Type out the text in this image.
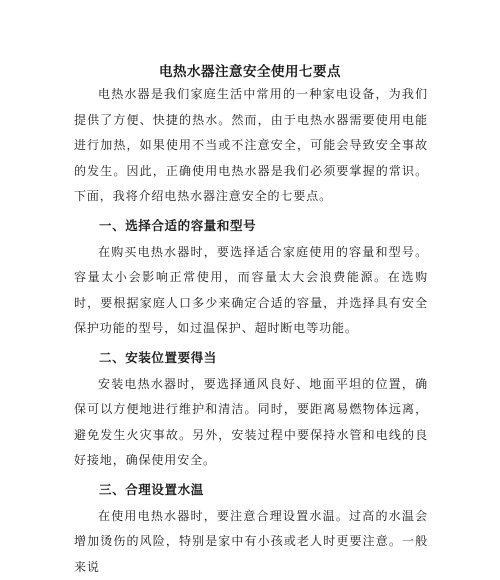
电热水器注意安全使用七要点

电热水器是我们家庭生活中常用的一种家电设备，为我们提供了方便、快捷的热水。然而，由于电热水器需要使用电能进行加热，如果使用不当或不注意安全，可能会导致安全事故的发生。因此，正确使用电热水器是我们必须要掌握的常识。下面，我将介绍电热水器注意安全的七要点。

一、选择合适的容量和型号

在购买电热水器时，要选择适合家庭使用的容量和型号。容量太小会影响正常使用，而容量太大会浪费能源。在选购时，要根据家庭人口多少来确定合适的容量，并选择具有安全保护功能的型号，如过温保护、超时断电等功能。

二、安装位置要得当

安装电热水器时，要选择通风良好、地面平坦的位置，确保可以方便地进行维护和清洁。同时，要距离易燃物体远离，避免发生火灾事故。另外，安装过程中要保持水管和电线的良好接地，确保使用安全。

三、合理设置水温

在使用电热水器时，要注意合理设置水温。过高的水温会增加烫伤的风险，特别是家中有小孩或老人时更要注意。一般来说
